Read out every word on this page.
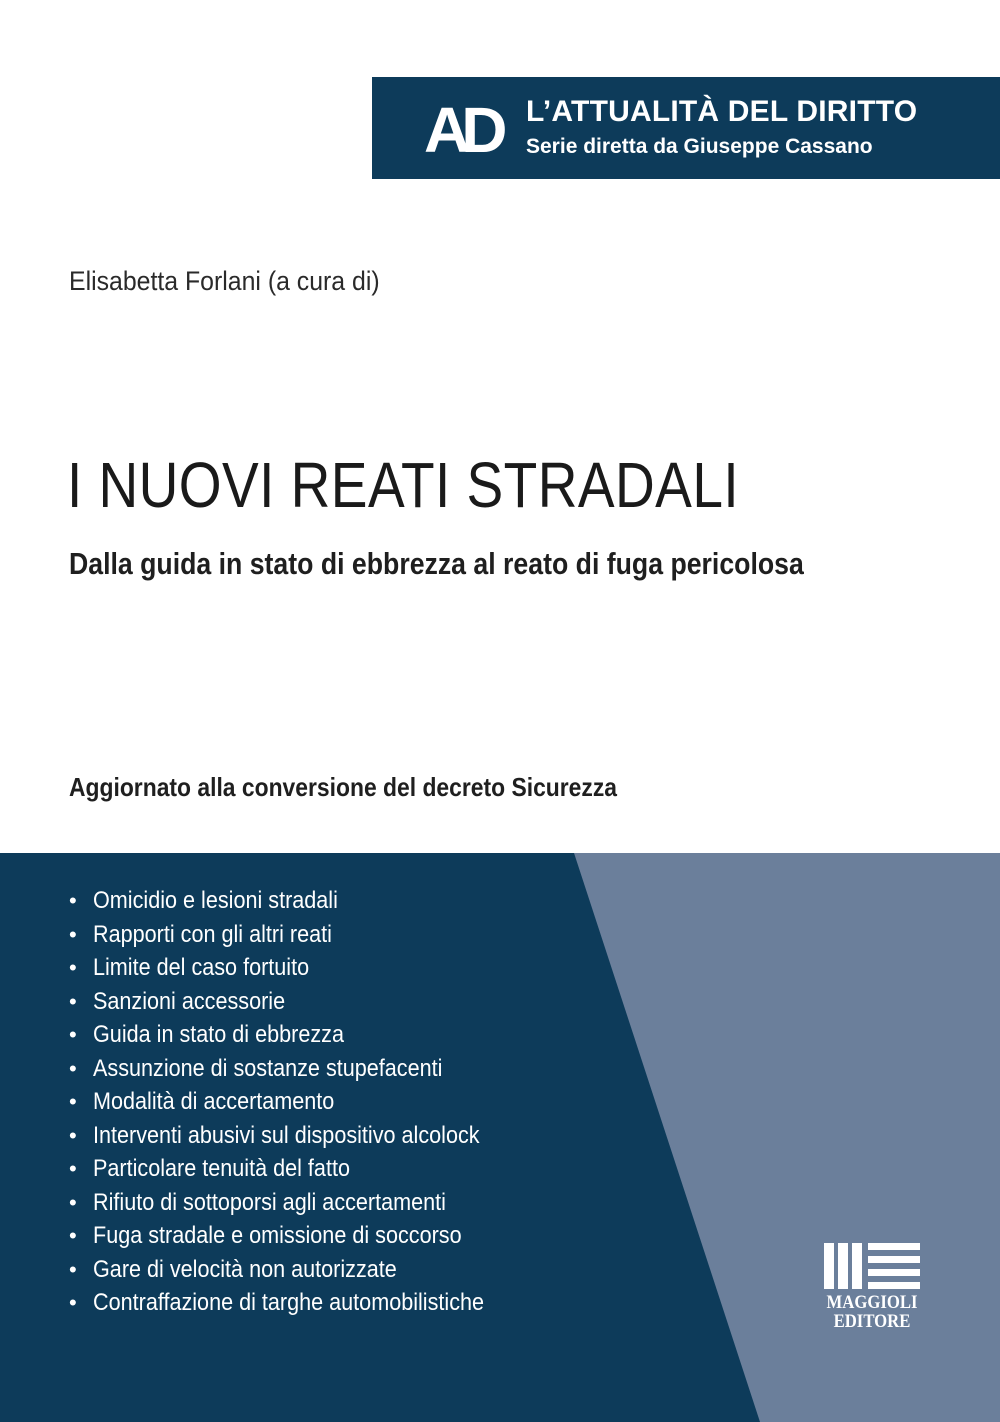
AD L’ATTUALITÀ DEL DIRITTO
Serie diretta da Giuseppe Cassano
Elisabetta Forlani (a cura di)
I NUOVI REATI STRADALI
Dalla guida in stato di ebbrezza al reato di fuga pericolosa
Aggiornato alla conversione del decreto Sicurezza
• Omicidio e lesioni stradali
• Rapporti con gli altri reati
• Limite del caso fortuito
• Sanzioni accessorie
• Guida in stato di ebbrezza
• Assunzione di sostanze stupefacenti
• Modalità di accertamento
• Interventi abusivi sul dispositivo alcolock
• Particolare tenuità del fatto
• Rifiuto di sottoporsi agli accertamenti
• Fuga stradale e omissione di soccorso
• Gare di velocità non autorizzate
• Contraffazione di targhe automobilistiche	MAGGIOLI
EDITORE
